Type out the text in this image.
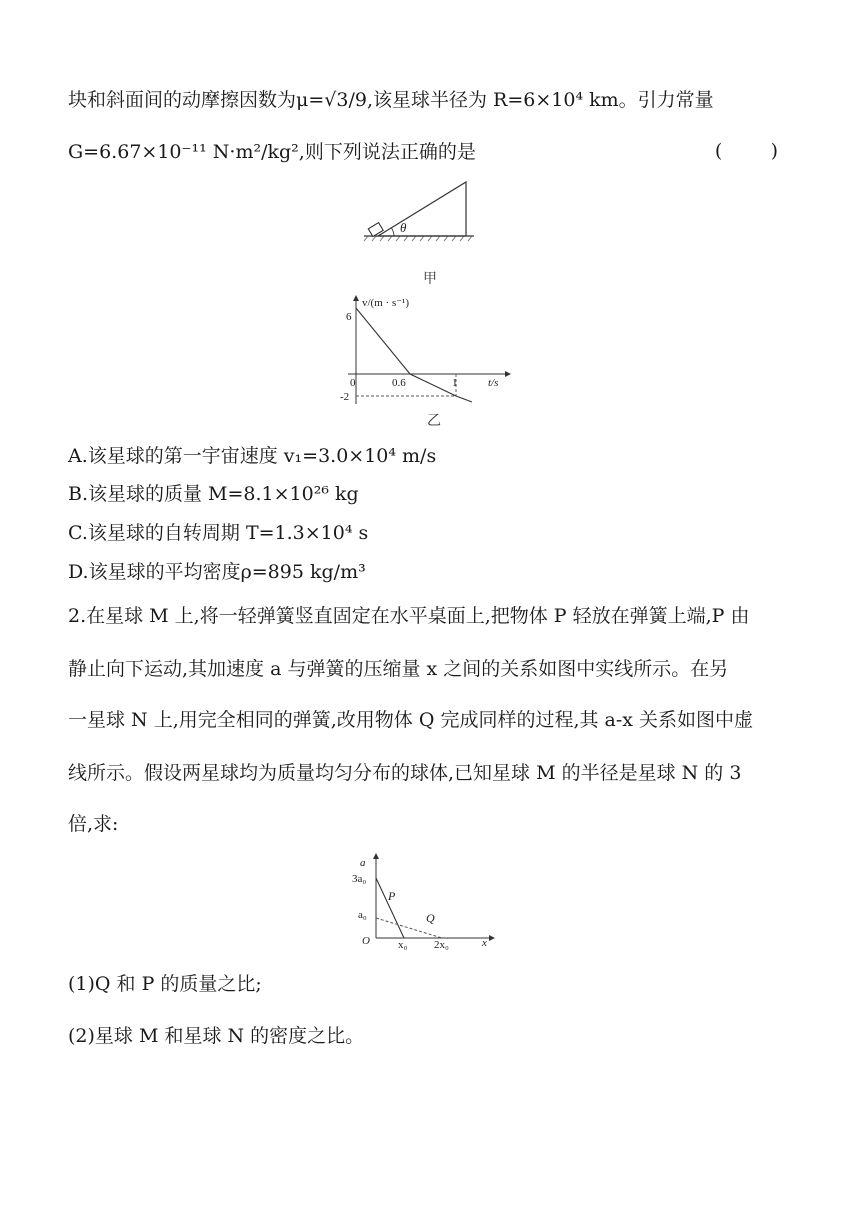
块和斜面间的动摩擦因数为μ=√3/9,该星球半径为 R=6×10⁴ km。引力常量
G=6.67×10⁻¹¹ N·m²/kg²,则下列说法正确的是	(        )
θ
甲
v/(m · s⁻¹)
t/s
6
-2
0	0.6	1
乙
A.该星球的第一宇宙速度 v₁=3.0×10⁴ m/s
B.该星球的质量 M=8.1×10²⁶ kg
C.该星球的自转周期 T=1.3×10⁴ s
D.该星球的平均密度ρ=895 kg/m³
2.在星球 M 上,将一轻弹簧竖直固定在水平桌面上,把物体 P 轻放在弹簧上端,P 由
静止向下运动,其加速度 a 与弹簧的压缩量 x 之间的关系如图中实线所示。在另
一星球 N 上,用完全相同的弹簧,改用物体 Q 完成同样的过程,其 a-x 关系如图中虚
线所示。假设两星球均为质量均匀分布的球体,已知星球 M 的半径是星球 N 的 3
倍,求:
a
x
O
3a₀
a₀
x₀ 2x₀
P
Q
(1)Q 和 P 的质量之比;
(2)星球 M 和星球 N 的密度之比。
